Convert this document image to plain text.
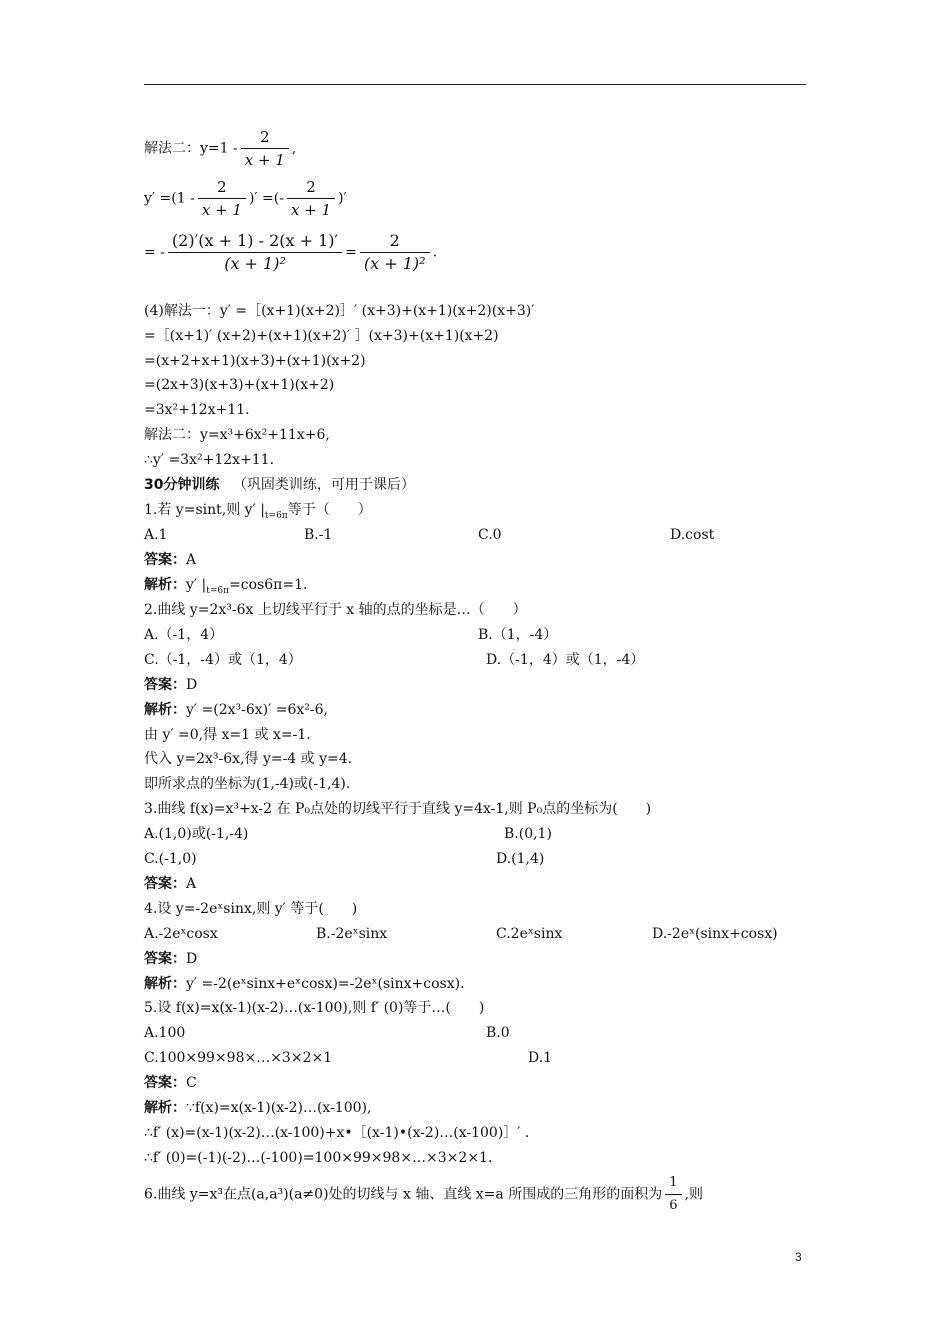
解法二：$y=1 - \frac{2}{x + 1}$ ,
$y' =(1 - \frac{2}{x + 1}$ )′ =(- $\frac{2}{x + 1}$ )′
= - $\frac{(2)'(x + 1) - 2(x + 1)'}{\text{(x + 1)²}} = \frac{2}{\text{(x + 1)²}}$ .
(4)解法一：y′ =［(x+1)(x+2)］′ (x+3)+(x+1)(x+2)(x+3)′
=［(x+1)′ (x+2)+(x+1)(x+2)′ ］(x+3)+(x+1)(x+2)
=(x+2+x+1)(x+3)+(x+1)(x+2)
=(2x+3)(x+3)+(x+1)(x+2)
=3x²+12x+11.
解法二：y=x³+6x²+11x+6,
∴y′ =3x²+12x+11.
30分钟训练 （巩固类训练，可用于课后）
1.若 y=sint,则 y′ $|_{t=6\pi}$等于（　　）
A.1	B.-1	C.0	D.cost
答案：A
解析：y′ $|_{t=6\pi}=\cos 6\pi=1$.
2.曲线 y=2x³-6x 上切线平行于 x 轴的点的坐标是…（　　）
A.（-1，4）	B.（1，-4）
C.（-1，-4）或（1，4）	D.（-1，4）或（1，-4）
答案：D
解析：y′ =(2x³-6x)′ =6x²-6,
由 y′ =0,得 x=1 或 x=-1.
代入 y=2x³-6x,得 y=-4 或 y=4.
即所求点的坐标为(1,-4)或(-1,4).
3.曲线 f(x)=x³+x-2 在 P₀点处的切线平行于直线 y=4x-1,则 P₀点的坐标为(　　)
A.(1,0)或(-1,-4)	B.(0,1)
C.(-1,0)	D.(1,4)
答案：A
4.设 y=-2eˣsinx,则 y′ 等于(　　)
A.-2eˣcosx	B.-2eˣsinx	C.2eˣsinx	D.-2eˣ(sinx+cosx)
答案：D
解析：y′ =-2(eˣsinx+eˣcosx)=-2eˣ(sinx+cosx).
5.设 f(x)=x(x-1)(x-2)…(x-100),则 f′ (0)等于…(　　)
A.100	B.0
C.100×99×98×…×3×2×1	D.1
答案：C
解析：∵f(x)=x(x-1)(x-2)…(x-100),
∴f′ (x)=(x-1)(x-2)…(x-100)+x•［(x-1)•(x-2)…(x-100)］′ .
∴f′ (0)=(-1)(-2)…(-100)=100×99×98×…×3×2×1.
6.曲线 y=x³在点(a,a³)(a≠0)处的切线与 x 轴、直线 x=a 所围成的三角形的面积为 $\frac{1}{6}$ ,则
3
